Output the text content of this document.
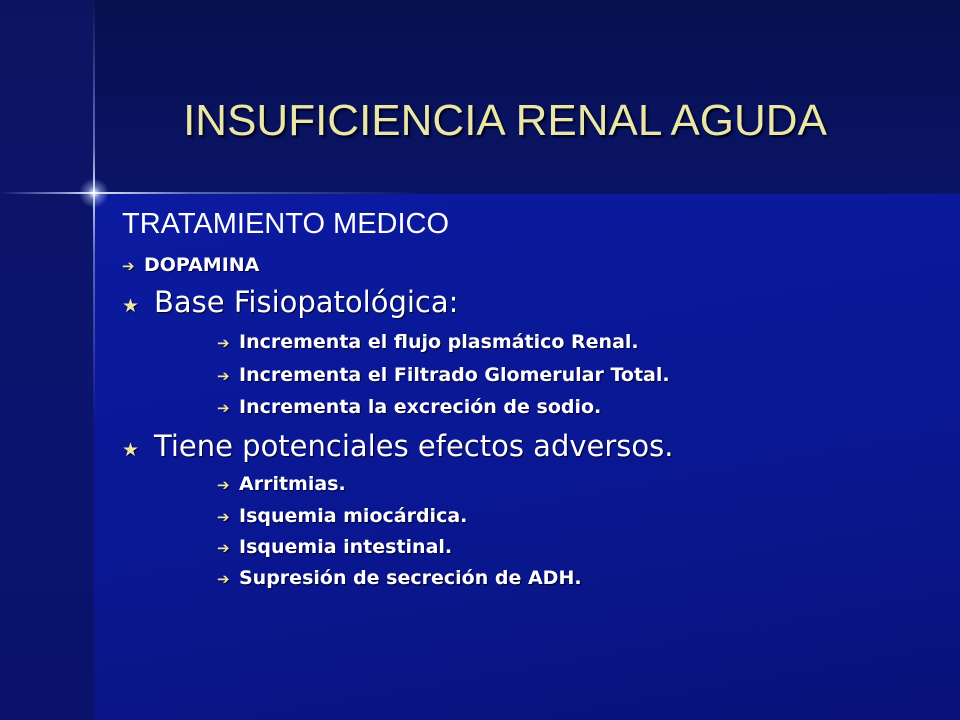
INSUFICIENCIA RENAL AGUDA
TRATAMIENTO MEDICO
➔ DOPAMINA
★ Base Fisiopatológica:
➔ Incrementa el flujo plasmático Renal.
➔ Incrementa el Filtrado Glomerular Total.
➔ Incrementa la excreción de sodio.
★ Tiene potenciales efectos adversos.
➔ Arritmias.
➔ Isquemia miocárdica.
➔ Isquemia intestinal.
➔ Supresión de secreción de ADH.
